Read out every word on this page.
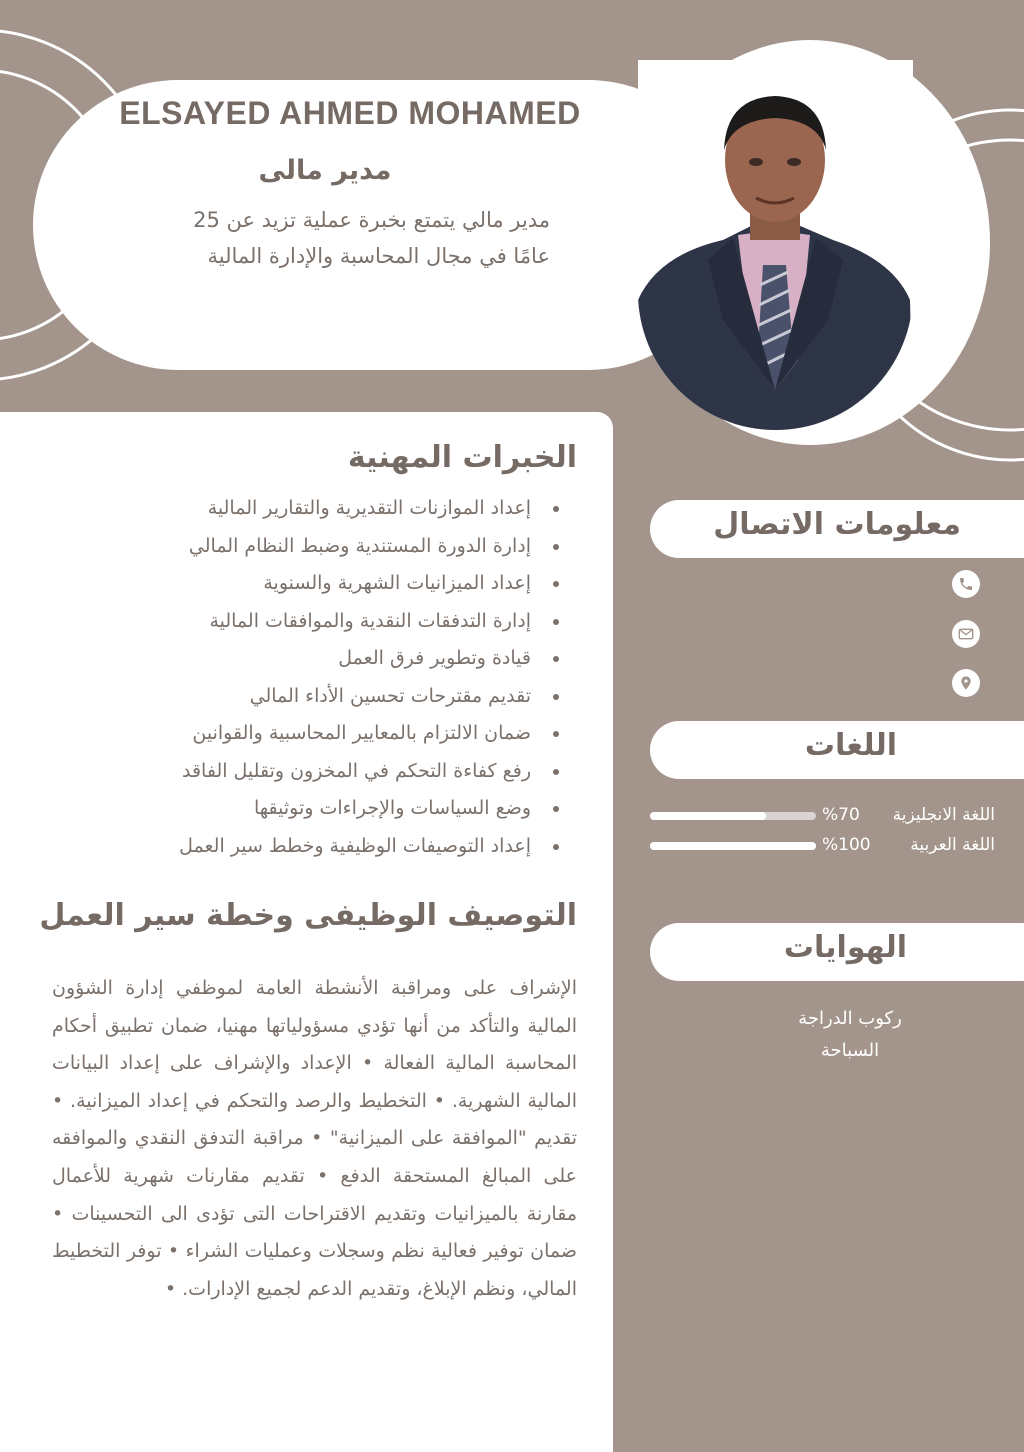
ELSAYED AHMED MOHAMED
مدير مالى
مدير مالي يتمتع بخبرة عملية تزيد عن 25
عامًا في مجال المحاسبة والإدارة المالية
الخبرات المهنية
إعداد الموازنات التقديرية والتقارير المالية
إدارة الدورة المستندية وضبط النظام المالي
إعداد الميزانيات الشهرية والسنوية
إدارة التدفقات النقدية والموافقات المالية
قيادة وتطوير فرق العمل
تقديم مقترحات تحسين الأداء المالي
ضمان الالتزام بالمعايير المحاسبية والقوانين
رفع كفاءة التحكم في المخزون وتقليل الفاقد
وضع السياسات والإجراءات وتوثيقها
إعداد التوصيفات الوظيفية وخطط سير العمل
التوصيف الوظيفى وخطة سير العمل
الإشراف على ومراقبة الأنشطة العامة لموظفي إدارة الشؤون المالية والتأكد من أنها تؤدي مسؤولياتها مهنيا، ضمان تطبيق أحكام المحاسبة المالية الفعالة • الإعداد والإشراف على إعداد البيانات المالية الشهرية. • التخطيط والرصد والتحكم في إعداد الميزانية. • تقديم "الموافقة على الميزانية" • مراقبة التدفق النقدي والموافقه على المبالغ المستحقة الدفع • تقديم مقارنات شهرية للأعمال مقارنة بالميزانيات وتقديم الاقتراحات التى تؤدى الى التحسينات • ضمان توفير فعالية نظم وسجلات وعمليات الشراء • توفر التخطيط المالي، ونظم الإبلاغ، وتقديم الدعم لجميع الإدارات. •
معلومات الاتصال
اللغات
%70 اللغة الانجليزية
%100 اللغة العربية
الهوايات
ركوب الدراجة
السباحة
